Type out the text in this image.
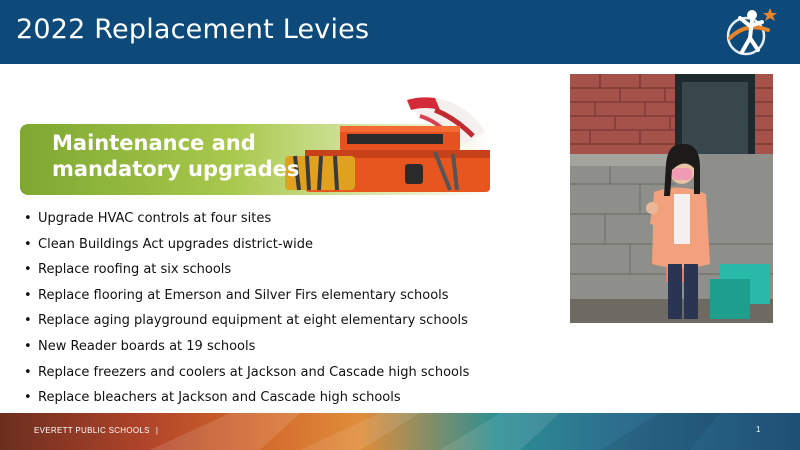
2022 Replacement Levies
Maintenance and
mandatory upgrades
• Upgrade HVAC controls at four sites
• Clean Buildings Act upgrades district-wide
• Replace roofing at six schools
• Replace flooring at Emerson and Silver Firs elementary schools
• Replace aging playground equipment at eight elementary schools
• New Reader boards at 19 schools
• Replace freezers and coolers at Jackson and Cascade high schools
• Replace bleachers at Jackson and Cascade high schools
EVERETT PUBLIC SCHOOLS |	1
